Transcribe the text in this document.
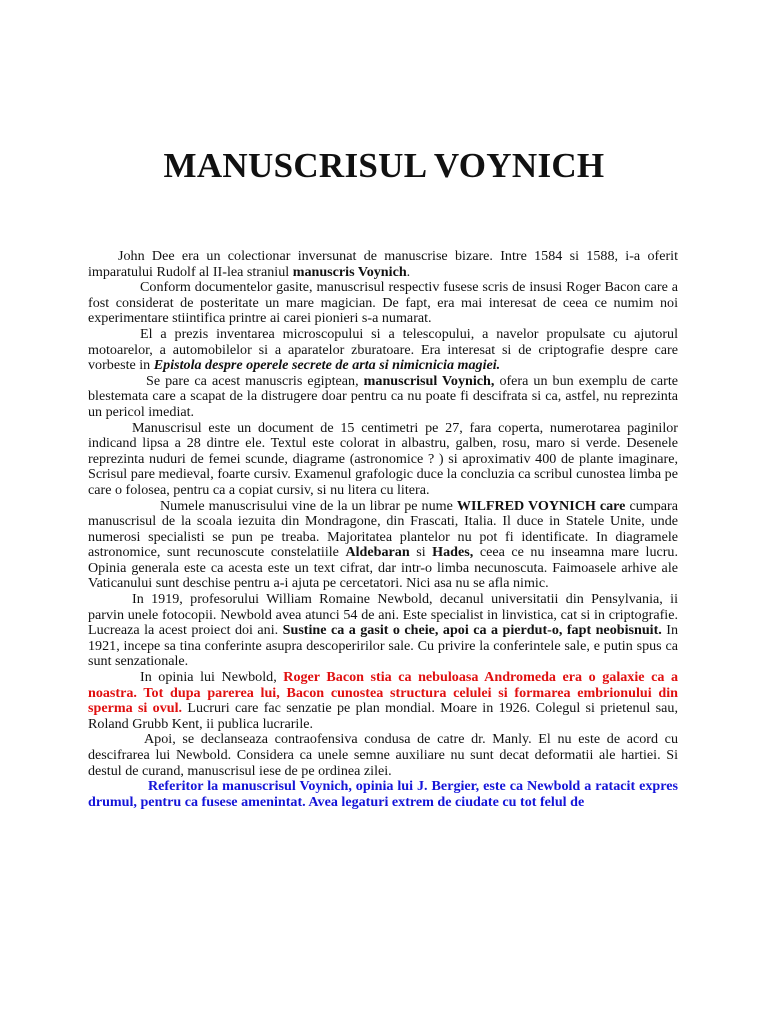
MANUSCRISUL VOYNICH

John Dee era un colectionar inversunat de manuscrise bizare. Intre 1584 si 1588, i-a oferit imparatului Rudolf al II-lea straniul manuscris Voynich.

Conform documentelor gasite, manuscrisul respectiv fusese scris de insusi Roger Bacon care a fost considerat de posteritate un mare magician. De fapt, era mai interesat de ceea ce numim noi experimentare stiintifica printre ai carei pionieri s-a numarat.

El a prezis inventarea microscopului si a telescopului, a navelor propulsate cu ajutorul motoarelor, a automobilelor si a aparatelor zburatoare. Era interesat si de criptografie despre care vorbeste in Epistola despre operele secrete de arta si nimicnicia magiei.

Se pare ca acest manuscris egiptean, manuscrisul Voynich, ofera un bun exemplu de carte blestemata care a scapat de la distrugere doar pentru ca nu poate fi descifrata si ca, astfel, nu reprezinta un pericol imediat.

Manuscrisul este un document de 15 centimetri pe 27, fara coperta, numerotarea paginilor indicand lipsa a 28 dintre ele. Textul este colorat in albastru, galben, rosu, maro si verde. Desenele reprezinta nuduri de femei scunde, diagrame (astronomice ? ) si aproximativ 400 de plante imaginare, Scrisul pare medieval, foarte cursiv. Examenul grafologic duce la concluzia ca scribul cunostea limba pe care o folosea, pentru ca a copiat cursiv, si nu litera cu litera.

Numele manuscrisului vine de la un librar pe nume WILFRED VOYNICH care cumpara manuscrisul de la scoala iezuita din Mondragone, din Frascati, Italia. Il duce in Statele Unite, unde numerosi specialisti se pun pe treaba. Majoritatea plantelor nu pot fi identificate. In diagramele astronomice, sunt recunoscute constelatiile Aldebaran si Hades, ceea ce nu inseamna mare lucru. Opinia generala este ca acesta este un text cifrat, dar intr-o limba necunoscuta. Faimoasele arhive ale Vaticanului sunt deschise pentru a-i ajuta pe cercetatori. Nici asa nu se afla nimic.

In 1919, profesorului William Romaine Newbold, decanul universitatii din Pensylvania, ii parvin unele fotocopii. Newbold avea atunci 54 de ani. Este specialist in linvistica, cat si in criptografie. Lucreaza la acest proiect doi ani. Sustine ca a gasit o cheie, apoi ca a pierdut-o, fapt neobisnuit. In 1921, incepe sa tina conferinte asupra descoperirilor sale. Cu privire la conferintele sale, e putin spus ca sunt senzationale.

In opinia lui Newbold, Roger Bacon stia ca nebuloasa Andromeda era o galaxie ca a noastra. Tot dupa parerea lui, Bacon cunostea structura celulei si formarea embrionului din sperma si ovul. Lucruri care fac senzatie pe plan mondial. Moare in 1926. Colegul si prietenul sau, Roland Grubb Kent, ii publica lucrarile.

Apoi, se declanseaza contraofensiva condusa de catre dr. Manly. El nu este de acord cu descifrarea lui Newbold. Considera ca unele semne auxiliare nu sunt decat deformatii ale hartiei. Si destul de curand, manuscrisul iese de pe ordinea zilei.

Referitor la manuscrisul Voynich, opinia lui J. Bergier, este ca Newbold a ratacit expres drumul, pentru ca fusese amenintat. Avea legaturi extrem de ciudate cu tot felul de
